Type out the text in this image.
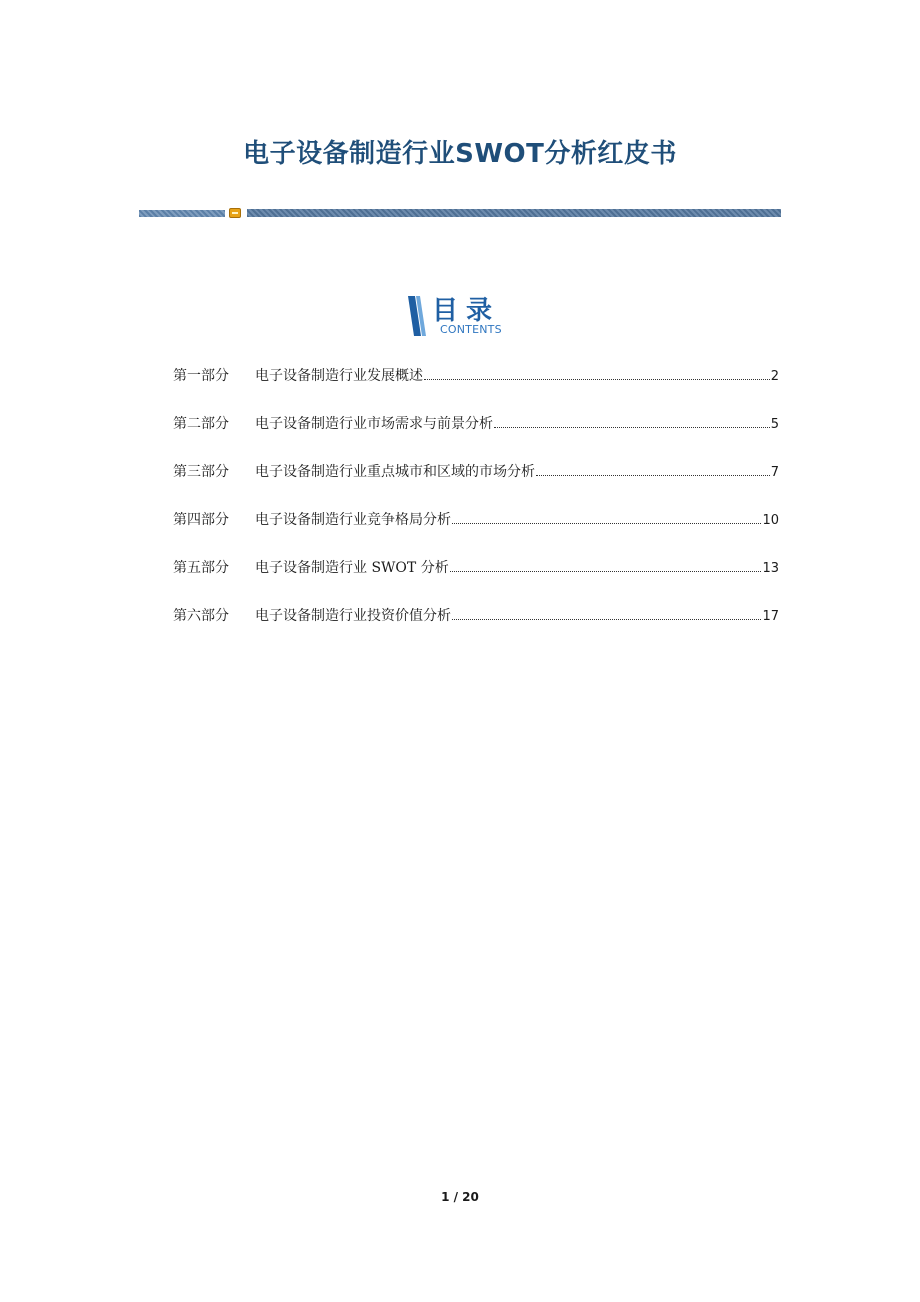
电子设备制造行业SWOT分析红皮书
目录
CONTENTS
第一部分	电子设备制造行业发展概述	2
第二部分	电子设备制造行业市场需求与前景分析	5
第三部分	电子设备制造行业重点城市和区域的市场分析	7
第四部分	电子设备制造行业竞争格局分析	10
第五部分	电子设备制造行业 SWOT 分析	13
第六部分	电子设备制造行业投资价值分析	17
1 / 20
